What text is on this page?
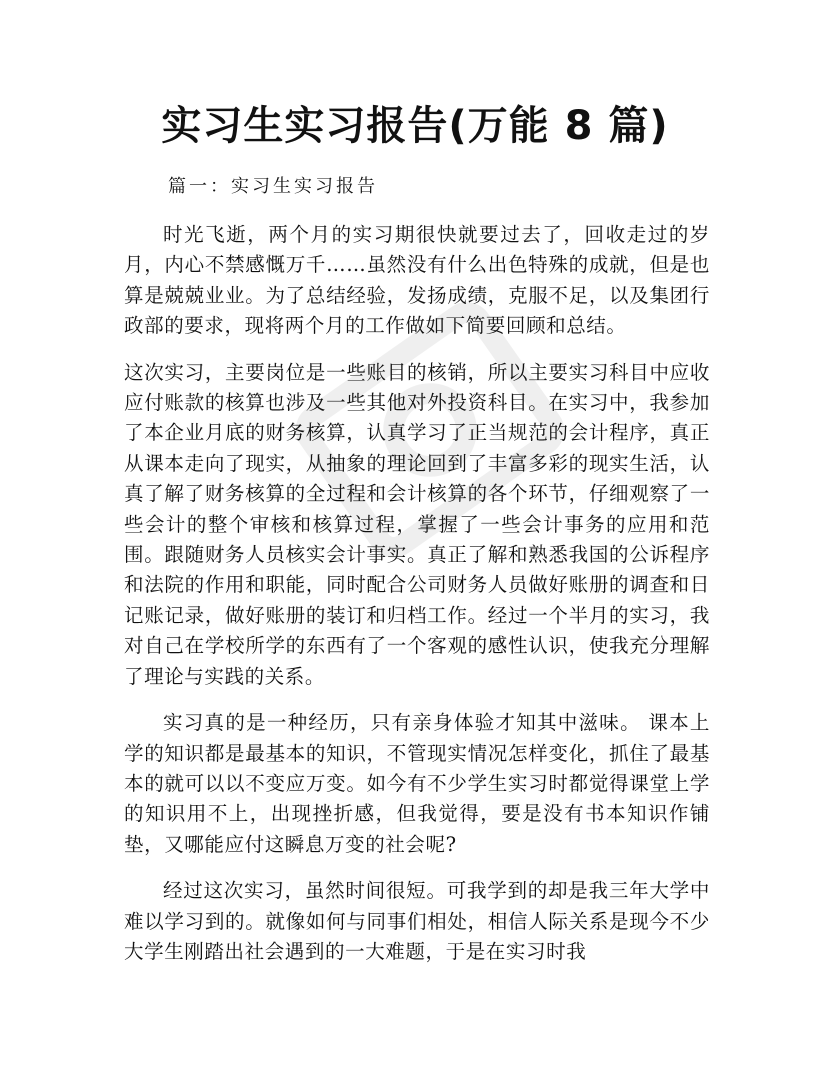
实习生实习报告(万能 8 篇)

篇一：实习生实习报告

时光飞逝，两个月的实习期很快就要过去了，回收走过的岁月，内心不禁感慨万千……虽然没有什么出色特殊的成就，但是也算是兢兢业业。为了总结经验，发扬成绩，克服不足，以及集团行政部的要求，现将两个月的工作做如下简要回顾和总结。

这次实习，主要岗位是一些账目的核销，所以主要实习科目中应收应付账款的核算也涉及一些其他对外投资科目。在实习中，我参加了本企业月底的财务核算，认真学习了正当规范的会计程序，真正从课本走向了现实，从抽象的理论回到了丰富多彩的现实生活，认真了解了财务核算的全过程和会计核算的各个环节，仔细观察了一些会计的整个审核和核算过程，掌握了一些会计事务的应用和范围。跟随财务人员核实会计事实。真正了解和熟悉我国的公诉程序和法院的作用和职能，同时配合公司财务人员做好账册的调查和日记账记录，做好账册的装订和归档工作。经过一个半月的实习，我对自己在学校所学的东西有了一个客观的感性认识，使我充分理解了理论与实践的关系。

实习真的是一种经历，只有亲身体验才知其中滋味。 课本上学的知识都是最基本的知识，不管现实情况怎样变化，抓住了最基本的就可以以不变应万变。如今有不少学生实习时都觉得课堂上学的知识用不上，出现挫折感，但我觉得，要是没有书本知识作铺垫，又哪能应付这瞬息万变的社会呢?

经过这次实习，虽然时间很短。可我学到的却是我三年大学中难以学习到的。就像如何与同事们相处，相信人际关系是现今不少大学生刚踏出社会遇到的一大难题，于是在实习时我
